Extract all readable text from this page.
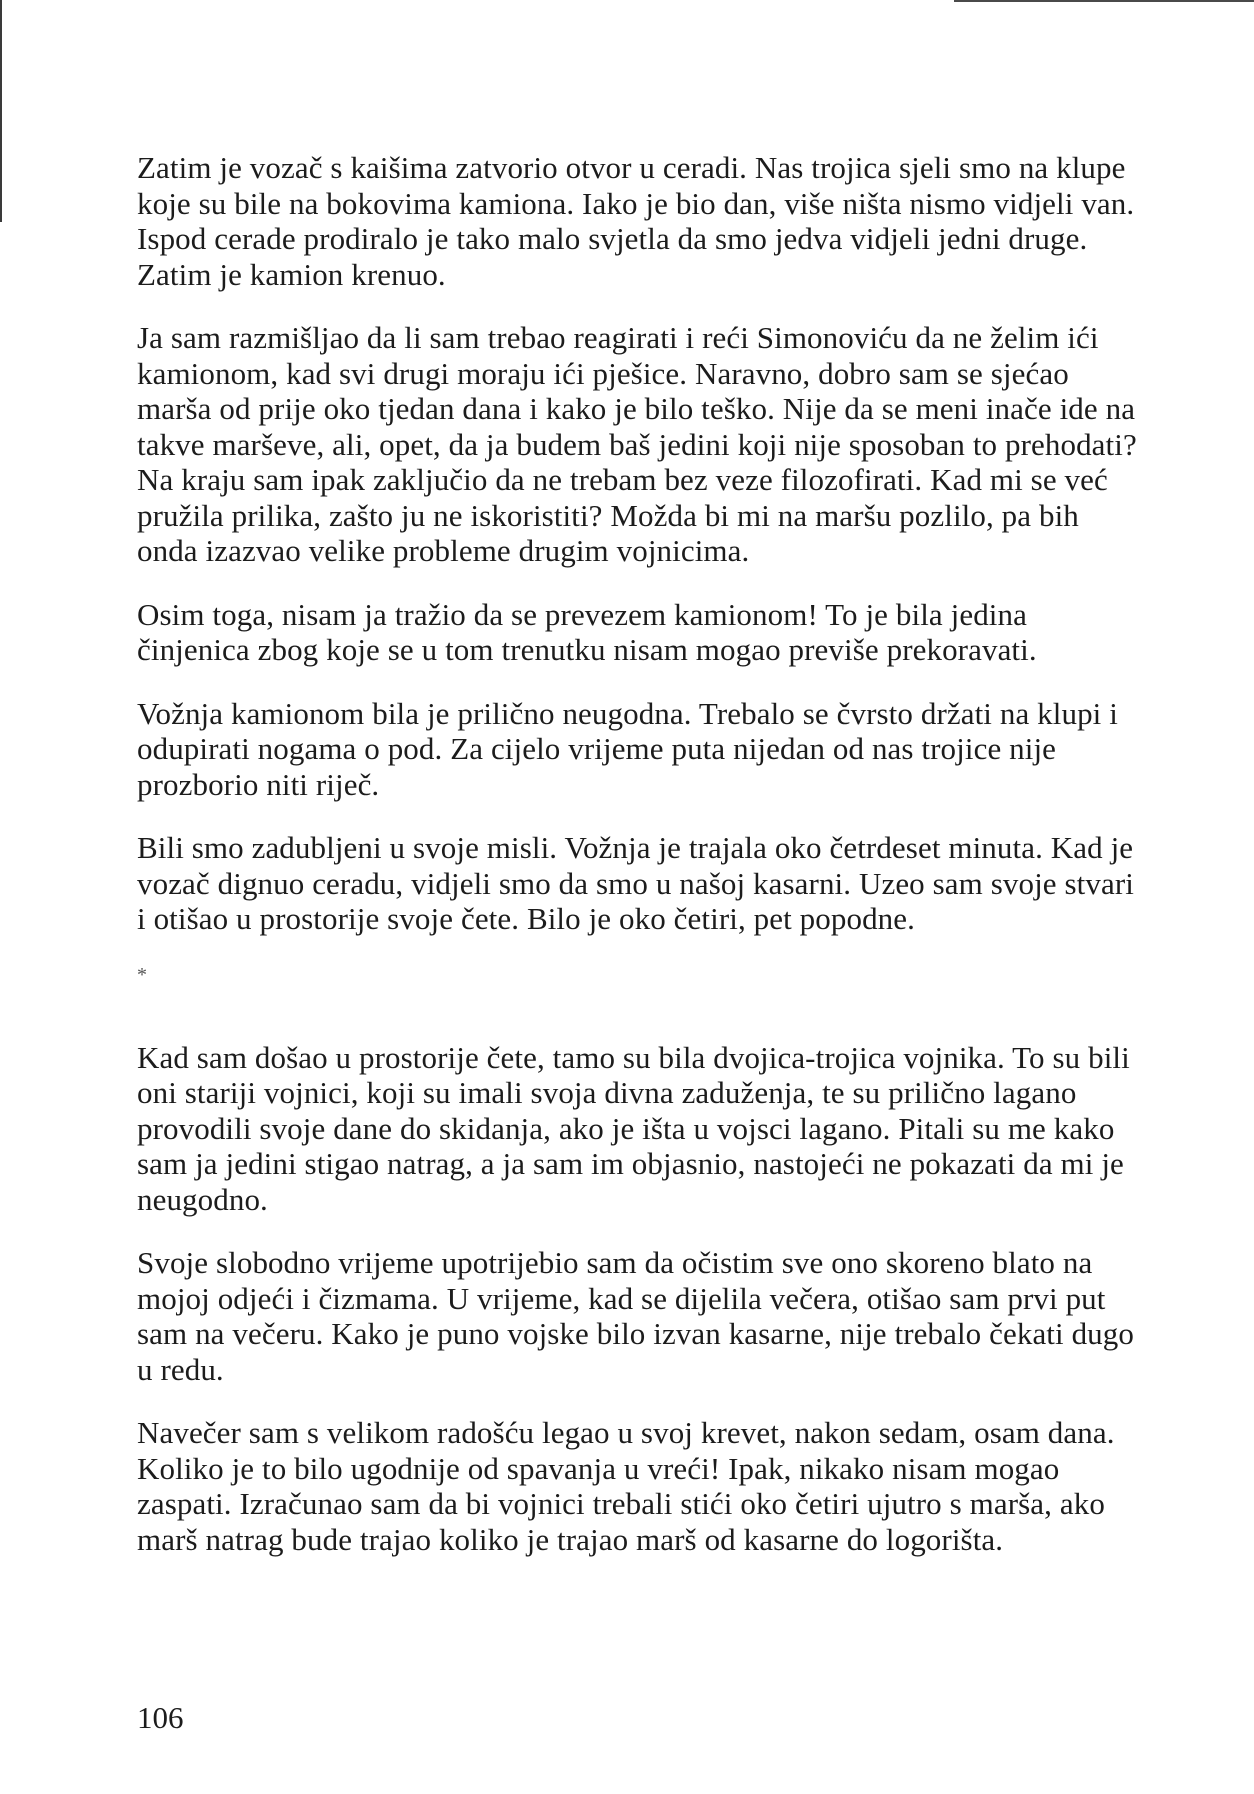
Zatim je vozač s kaišima zatvorio otvor u ceradi. Nas trojica sjeli smo na klupe koje su bile na bokovima kamiona. Iako je bio dan, više ništa nismo vidjeli van. Ispod cerade prodiralo je tako malo svjetla da smo jedva vidjeli jedni druge. Zatim je kamion krenuo.

Ja sam razmišljao da li sam trebao reagirati i reći Simonoviću da ne želim ići kamionom, kad svi drugi moraju ići pješice. Naravno, dobro sam se sjećao marša od prije oko tjedan dana i kako je bilo teško. Nije da se meni inače ide na takve marševe, ali, opet, da ja budem baš jedini koji nije sposoban to prehodati? Na kraju sam ipak zaključio da ne trebam bez veze filozofirati. Kad mi se već pružila prilika, zašto ju ne iskoristiti? Možda bi mi na maršu pozlilo, pa bih onda izazvao velike probleme drugim vojnicima.

Osim toga, nisam ja tražio da se prevezem kamionom! To je bila jedina činjenica zbog koje se u tom trenutku nisam mogao previše prekoravati.

Vožnja kamionom bila je prilično neugodna. Trebalo se čvrsto držati na klupi i odupirati nogama o pod. Za cijelo vrijeme puta nijedan od nas trojice nije prozborio niti riječ.

Bili smo zadubljeni u svoje misli. Vožnja je trajala oko četrdeset minuta. Kad je vozač dignuo ceradu, vidjeli smo da smo u našoj kasarni. Uzeo sam svoje stvari i otišao u prostorije svoje čete. Bilo je oko četiri, pet popodne.

*

Kad sam došao u prostorije čete, tamo su bila dvojica-trojica vojnika. To su bili oni stariji vojnici, koji su imali svoja divna zaduženja, te su prilično lagano provodili svoje dane do skidanja, ako je išta u vojsci lagano. Pitali su me kako sam ja jedini stigao natrag, a ja sam im objasnio, nastojeći ne pokazati da mi je neugodno.

Svoje slobodno vrijeme upotrijebio sam da očistim sve ono skoreno blato na mojoj odjeći i čizmama. U vrijeme, kad se dijelila večera, otišao sam prvi put sam na večeru. Kako je puno vojske bilo izvan kasarne, nije trebalo čekati dugo u redu.

Navečer sam s velikom radošću legao u svoj krevet, nakon sedam, osam dana. Koliko je to bilo ugodnije od spavanja u vreći! Ipak, nikako nisam mogao zaspati. Izračunao sam da bi vojnici trebali stići oko četiri ujutro s marša, ako marš natrag bude trajao koliko je trajao marš od kasarne do logorišta.

106
